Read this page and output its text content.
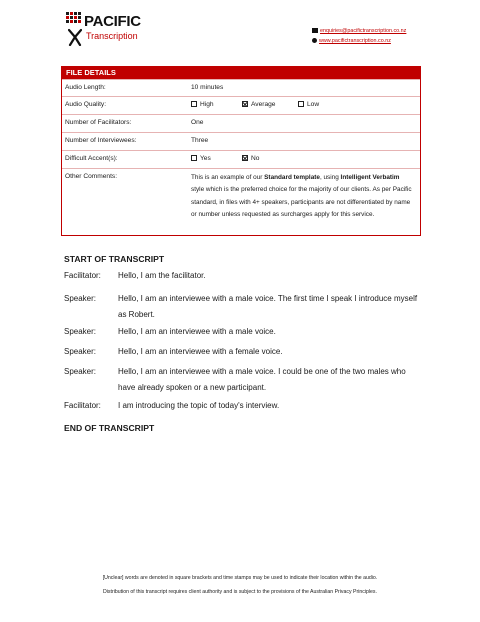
PACIFIC
Transcription	enquiries@pacifictranscription.co.nz
www.pacifictranscription.co.nz
FILE DETAILS
Audio Length:	10 minutes
Audio Quality:	High	Average	Low
Number of Facilitators:	One
Number of Interviewees:	Three
Difficult Accent(s):	Yes	No
Other Comments:	This is an example of our Standard template, using Intelligent Verbatim style which is the preferred choice for the majority of our clients. As per Pacific standard, in files with 4+ speakers, participants are not differentiated by name or number unless requested as surcharges apply for this service.
START OF TRANSCRIPT
Facilitator: Hello, I am the facilitator.
Speaker:	Hello, I am an interviewee with a male voice. The first time I speak I introduce myself as Robert.
Speaker:	Hello, I am an interviewee with a male voice.
Speaker:	Hello, I am an interviewee with a female voice.
Speaker:	Hello, I am an interviewee with a male voice. I could be one of the two males who have already spoken or a new participant.
Facilitator: I am introducing the topic of today's interview.
END OF TRANSCRIPT
[Unclear] words are denoted in square brackets and time stamps may be used to indicate their location within the audio.
Distribution of this transcript requires client authority and is subject to the provisions of the Australian Privacy Principles.
